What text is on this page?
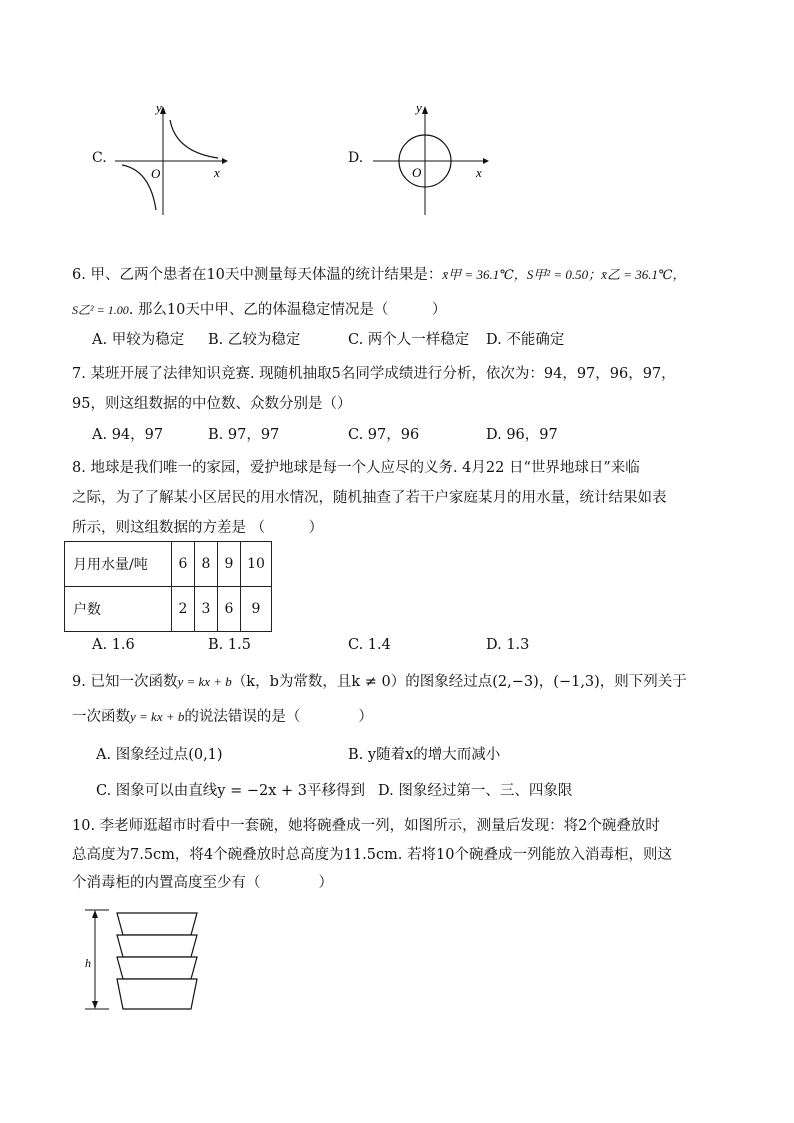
C.
y
x
O
D.
y
x
O
6. 甲、乙两个患者在10天中测量每天体温的统计结果是：x̄甲 = 36.1℃，S甲² = 0.50；x̄乙 = 36.1℃，
S乙² = 1.00. 那么10天中甲、乙的体温稳定情况是（　　　）
A. 甲较为稳定 B. 乙较为稳定	C. 两个人一样稳定 D. 不能确定
7. 某班开展了法律知识竞赛. 现随机抽取5名同学成绩进行分析，依次为：94，97，96，97，
95，则这组数据的中位数、众数分别是（）
A. 94，97	B. 97，97	C. 97，96	D. 96，97
8. 地球是我们唯一的家园，爱护地球是每一个人应尽的义务. 4月22 日“世界地球日”来临
之际，为了了解某小区居民的用水情况，随机抽查了若干户家庭某月的用水量，统计结果如表
所示，则这组数据的方差是 （　　　）
月用水量/吨	6	8	9	10
户数	2	3	6	9
A. 1.6	B. 1.5	C. 1.4	D. 1.3
9. 已知一次函数y = kx + b（k，b为常数，且k ≠ 0）的图象经过点(2,−3)，(−1,3)，则下列关于
一次函数y = kx + b的说法错误的是（　　　　）
A. 图象经过点(0,1)	B. y随着x的增大而减小
C. 图象可以由直线y = −2x + 3平移得到 D. 图象经过第一、三、四象限
10. 李老师逛超市时看中一套碗，她将碗叠成一列，如图所示，测量后发现：将2个碗叠放时
总高度为7.5cm，将4个碗叠放时总高度为11.5cm. 若将10个碗叠成一列能放入消毒柜，则这
个消毒柜的内置高度至少有（　　　　）
h
